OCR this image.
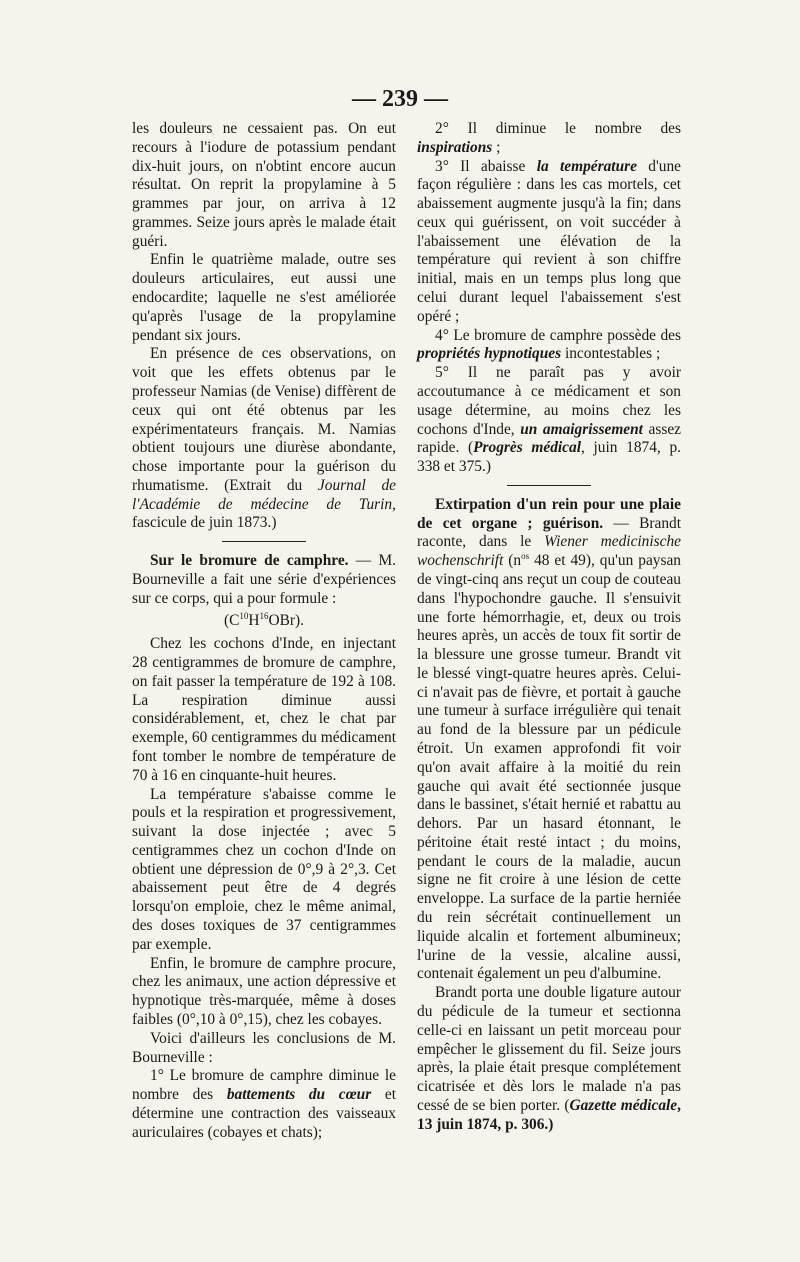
— 239 —

les douleurs ne cessaient pas. On eut recours à l'iodure de potassium pendant dix-huit jours, on n'obtint encore aucun résultat. On reprit la propylamine à 5 grammes par jour, on arriva à 12 grammes. Seize jours après le malade était guéri.

Enfin le quatrième malade, outre ses douleurs articulaires, eut aussi une endocardite; laquelle ne s'est améliorée qu'après l'usage de la propylamine pendant six jours.

En présence de ces observations, on voit que les effets obtenus par le professeur Namias (de Venise) diffèrent de ceux qui ont été obtenus par les expérimentateurs français. M. Namias obtient toujours une diurèse abondante, chose importante pour la guérison du rhumatisme. (Extrait du Journal de l'Académie de médecine de Turin, fascicule de juin 1873.)

Sur le bromure de camphre. — M. Bourneville a fait une série d'expériences sur ce corps, qui a pour formule :

$(C^{10}H^{16}OBr)$.

Chez les cochons d'Inde, en injectant 28 centigrammes de bromure de camphre, on fait passer la température de 192 à 108. La respiration diminue aussi considérablement, et, chez le chat par exemple, 60 centigrammes du médicament font tomber le nombre de température de 70 à 16 en cinquante-huit heures.

La température s'abaisse comme le pouls et la respiration et progressivement, suivant la dose injectée ; avec 5 centigrammes chez un cochon d'Inde on obtient une dépression de 0°,9 à 2°,3. Cet abaissement peut être de 4 degrés lorsqu'on emploie, chez le même animal, des doses toxiques de 37 centigrammes par exemple.

Enfin, le bromure de camphre procure, chez les animaux, une action dépressive et hypnotique très-marquée, même à doses faibles (0°,10 à 0°,15), chez les cobayes.

Voici d'ailleurs les conclusions de M. Bourneville :

1° Le bromure de camphre diminue le nombre des battements du cœur et détermine une contraction des vaisseaux auriculaires (cobayes et chats);

2° Il diminue le nombre des inspirations ;

3° Il abaisse la température d'une façon régulière : dans les cas mortels, cet abaissement augmente jusqu'à la fin; dans ceux qui guérissent, on voit succéder à l'abaissement une élévation de la température qui revient à son chiffre initial, mais en un temps plus long que celui durant lequel l'abaissement s'est opéré ;

4° Le bromure de camphre possède des propriétés hypnotiques incontestables ;

5° Il ne paraît pas y avoir accoutumance à ce médicament et son usage détermine, au moins chez les cochons d'Inde, un amaigrissement assez rapide. (Progrès médical, juin 1874, p. 338 et 375.)

Extirpation d'un rein pour une plaie de cet organe ; guérison. — Brandt raconte, dans le Wiener medicinische wochenschrift ($n^{os}$ 48 et 49), qu'un paysan de vingt-cinq ans reçut un coup de couteau dans l'hypochondre gauche. Il s'ensuivit une forte hémorrhagie, et, deux ou trois heures après, un accès de toux fit sortir de la blessure une grosse tumeur. Brandt vit le blessé vingt-quatre heures après. Celui-ci n'avait pas de fièvre, et portait à gauche une tumeur à surface irrégulière qui tenait au fond de la blessure par un pédicule étroit. Un examen approfondi fit voir qu'on avait affaire à la moitié du rein gauche qui avait été sectionnée jusque dans le bassinet, s'était hernié et rabattu au dehors. Par un hasard étonnant, le péritoine était resté intact ; du moins, pendant le cours de la maladie, aucun signe ne fit croire à une lésion de cette enveloppe. La surface de la partie herniée du rein sécrétait continuellement un liquide alcalin et fortement albumineux; l'urine de la vessie, alcaline aussi, contenait également un peu d'albumine.

Brandt porta une double ligature autour du pédicule de la tumeur et sectionna celle-ci en laissant un petit morceau pour empêcher le glissement du fil. Seize jours après, la plaie était presque complétement cicatrisée et dès lors le malade n'a pas cessé de se bien porter. (Gazette médicale, 13 juin 1874, p. 306.)
